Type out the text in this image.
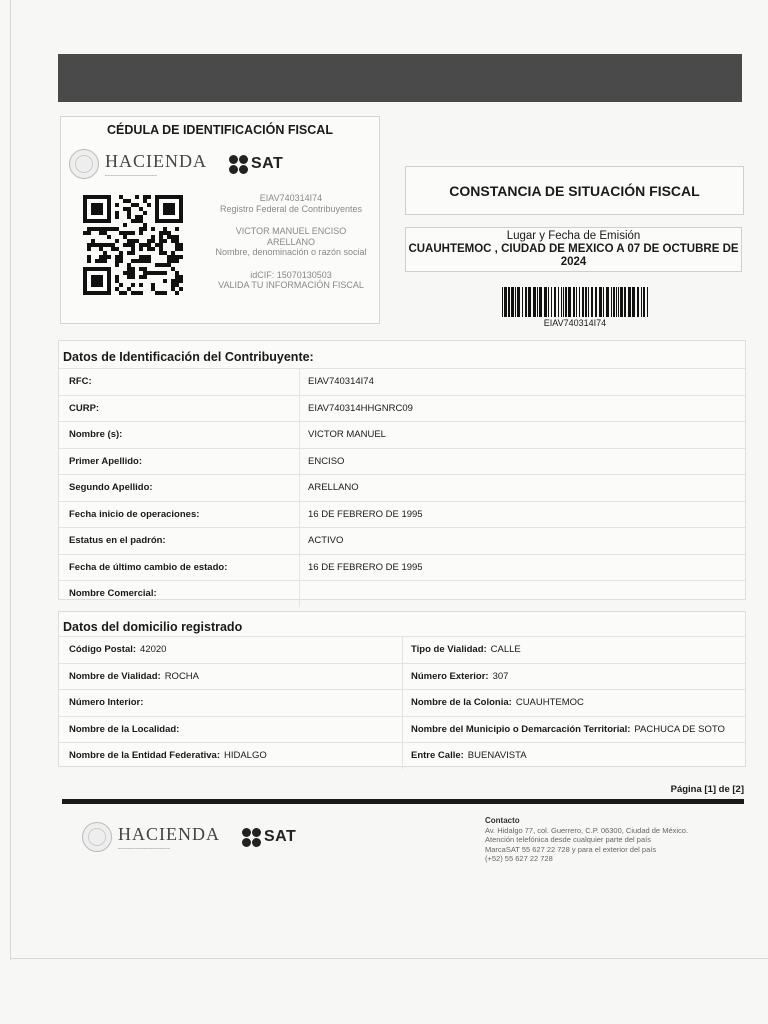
CÉDULA DE IDENTIFICACIÓN FISCAL
HACIENDA
━━━━━━━━━━━━━━━━━━
SAT
EIAV740314I74
Registro Federal de Contribuyentes
VICTOR MANUEL ENCISO ARELLANO
Nombre, denominación o razón social
idCIF: 15070130503
VALIDA TU INFORMACIÓN FISCAL
CONSTANCIA DE SITUACIÓN FISCAL
Lugar y Fecha de Emisión
CUAUHTEMOC , CIUDAD DE MEXICO A 07 DE OCTUBRE DE 2024
EIAV740314I74
Datos de Identificación del Contribuyente:
RFC:	EIAV740314I74
CURP:	EIAV740314HHGNRC09
Nombre (s):	VICTOR MANUEL
Primer Apellido:	ENCISO
Segundo Apellido:	ARELLANO
Fecha inicio de operaciones:	16 DE FEBRERO DE 1995
Estatus en el padrón:	ACTIVO
Fecha de último cambio de estado:	16 DE FEBRERO DE 1995
Nombre Comercial:
Datos del domicilio registrado
Código Postal: 42020	Tipo de Vialidad: CALLE
Nombre de Vialidad: ROCHA	Número Exterior: 307
Número Interior:	Nombre de la Colonia: CUAUHTEMOC
Nombre de la Localidad:	Nombre del Municipio o Demarcación Territorial: PACHUCA DE SOTO
Nombre de la Entidad Federativa: HIDALGO	Entre Calle: BUENAVISTA
Página [1] de [2]
HACIENDA
━━━━━━━━━━━━━━━━━━
SAT
Contacto
Av. Hidalgo 77, col. Guerrero, C.P. 06300, Ciudad de México.
Atención telefónica desde cualquier parte del país
MarcaSAT 55 627 22 728 y para el exterior del país
(+52) 55 627 22 728
